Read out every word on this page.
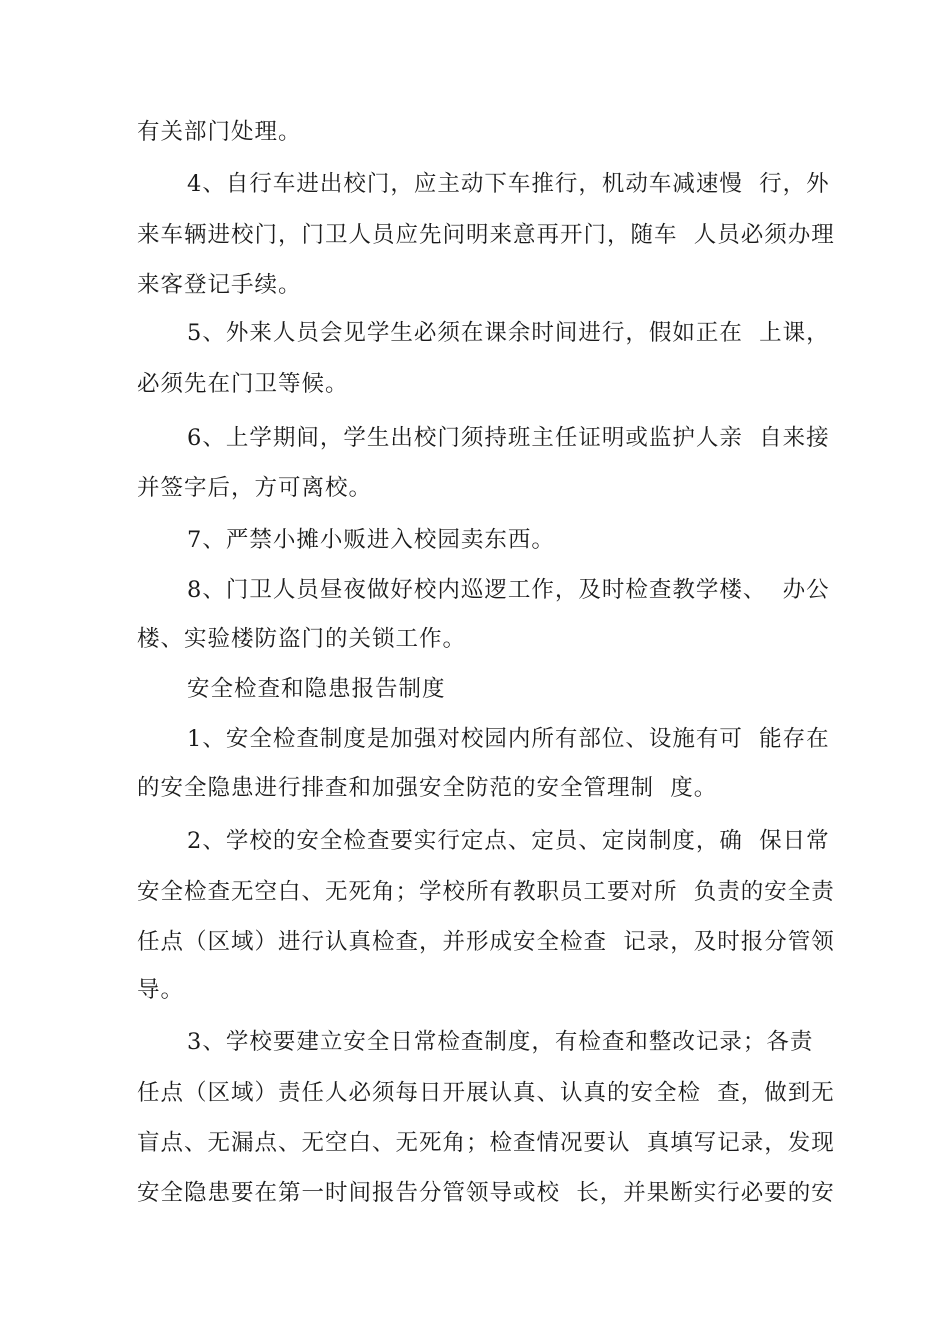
有关部门处理。
4、自行车进出校门，应主动下车推行，机动车减速慢  行，外
来车辆进校门，门卫人员应先问明来意再开门，随车  人员必须办理
来客登记手续。
5、外来人员会见学生必须在课余时间进行，假如正在  上课，
必须先在门卫等候。
6、上学期间，学生出校门须持班主任证明或监护人亲  自来接
并签字后，方可离校。
7、严禁小摊小贩进入校园卖东西。
8、门卫人员昼夜做好校内巡逻工作，及时检查教学楼、  办公
楼、实验楼防盗门的关锁工作。
安全检查和隐患报告制度
1、安全检查制度是加强对校园内所有部位、设施有可  能存在
的安全隐患进行排查和加强安全防范的安全管理制  度。
2、学校的安全检查要实行定点、定员、定岗制度，确  保日常
安全检查无空白、无死角；学校所有教职员工要对所  负责的安全责
任点（区域）进行认真检查，并形成安全检查  记录，及时报分管领
导。
3、学校要建立安全日常检查制度，有检查和整改记录；各责
任点（区域）责任人必须每日开展认真、认真的安全检  查，做到无
盲点、无漏点、无空白、无死角；检查情况要认  真填写记录，发现
安全隐患要在第一时间报告分管领导或校  长，并果断实行必要的安
